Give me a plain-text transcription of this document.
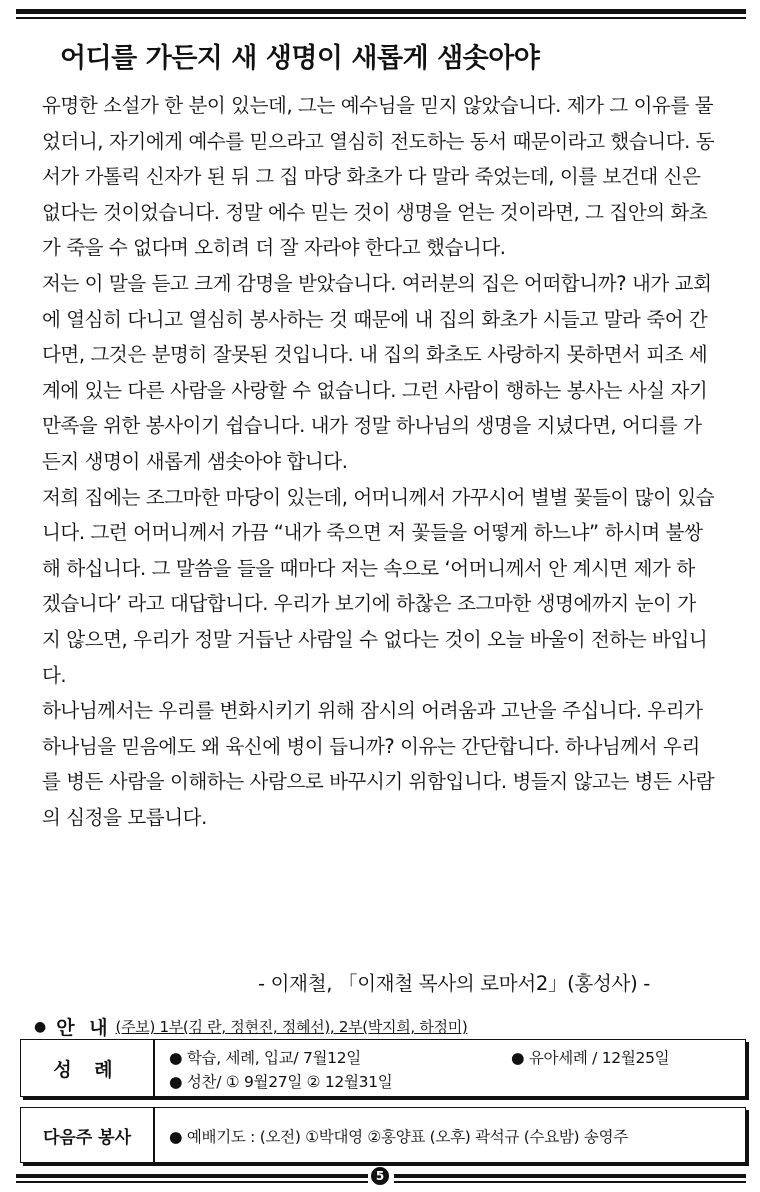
어디를 가든지 새 생명이 새롭게 샘솟아야

유명한 소설가 한 분이 있는데, 그는 예수님을 믿지 않았습니다. 제가 그 이유를 물
었더니, 자기에게 예수를 믿으라고 열심히 전도하는 동서 때문이라고 했습니다. 동
서가 가톨릭 신자가 된 뒤 그 집 마당 화초가 다 말라 죽었는데, 이를 보건대 신은
없다는 것이었습니다. 정말 에수 믿는 것이 생명을 얻는 것이라면, 그 집안의 화초
가 죽을 수 없다며 오히려 더 잘 자라야 한다고 했습니다.

저는 이 말을 듣고 크게 감명을 받았습니다. 여러분의 집은 어떠합니까? 내가 교회
에 열심히 다니고 열심히 봉사하는 것 때문에 내 집의 화초가 시들고 말라 죽어 간
다면, 그것은 분명히 잘못된 것입니다. 내 집의 화초도 사랑하지 못하면서 피조 세
계에 있는 다른 사람을 사랑할 수 없습니다. 그런 사람이 행하는 봉사는 사실 자기
만족을 위한 봉사이기 쉽습니다. 내가 정말 하나님의 생명을 지녔다면, 어디를 가
든지 생명이 새롭게 샘솟아야 합니다.

저희 집에는 조그마한 마당이 있는데, 어머니께서 가꾸시어 별별 꽃들이 많이 있습
니다. 그런 어머니께서 가끔 “내가 죽으면 저 꽃들을 어떻게 하느냐” 하시며 불쌍
해 하십니다. 그 말씀을 들을 때마다 저는 속으로 ‘어머니께서 안 계시면 제가 하
겠습니다’ 라고 대답합니다. 우리가 보기에 하찮은 조그마한 생명에까지 눈이 가
지 않으면, 우리가 정말 거듭난 사람일 수 없다는 것이 오늘 바울이 전하는 바입니
다.

하나님께서는 우리를 변화시키기 위해 잠시의 어려움과 고난을 주십니다. 우리가
하나님을 믿음에도 왜 육신에 병이 듭니까? 이유는 간단합니다. 하나님께서 우리
를 병든 사람을 이해하는 사람으로 바꾸시기 위함입니다. 병들지 않고는 병든 사람
의 심정을 모릅니다.

- 이재철, 「이재철 목사의 로마서2」(홍성사) -
● 안 내 (주보) 1부(김 란, 정현진, 정혜선), 2부(박지희, 하정미)
성 례
● 학습, 세례, 입교/ 7월12일	● 유아세례 / 12월25일
● 성찬/ ① 9월27일 ② 12월31일
다음주 봉사 ● 예배기도 : (오전) ①박대영 ②홍양표 (오후) 곽석규 (수요밤) 송영주
5
